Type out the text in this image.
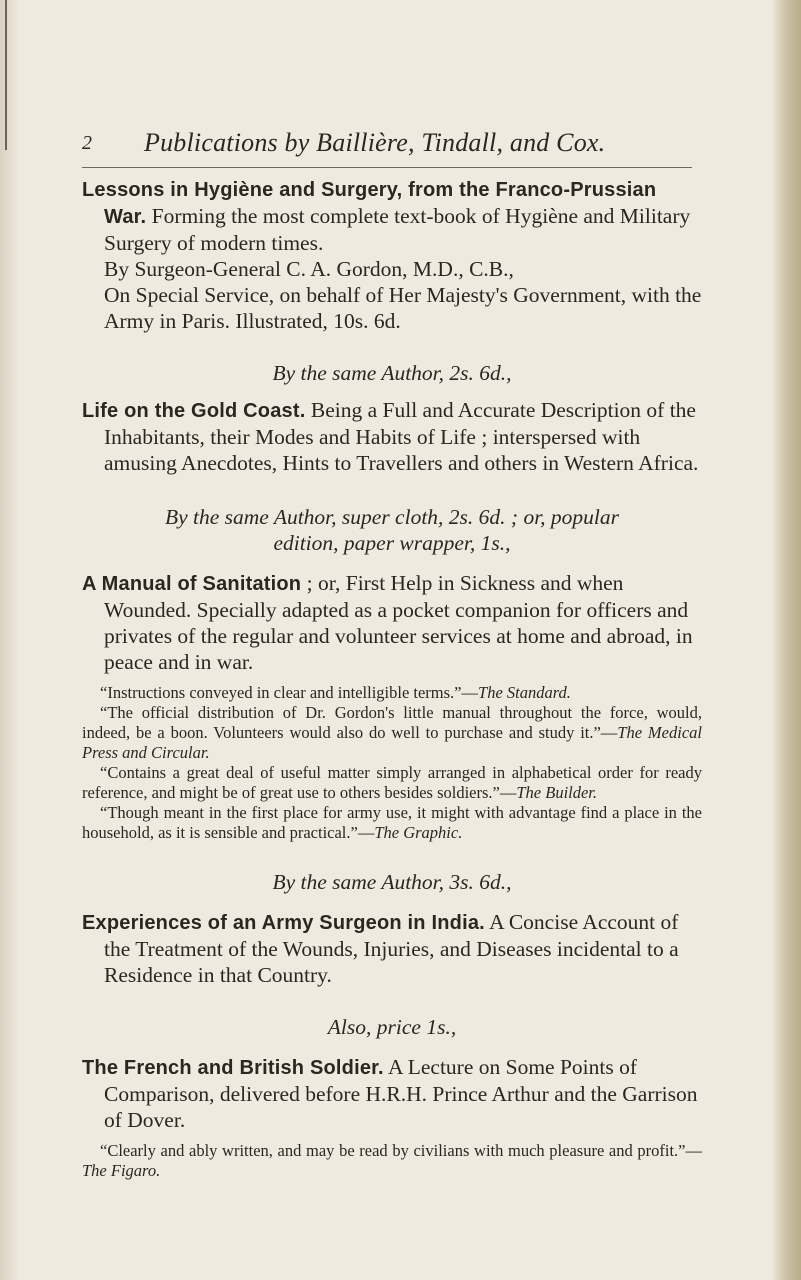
2 Publications by Baillière, Tindall, and Cox.

Lessons in Hygiène and Surgery, from the Franco-Prussian War. Forming the most complete text-book of Hygiène and Military Surgery of modern times.

By Surgeon-General C. A. Gordon, M.D., C.B.,

On Special Service, on behalf of Her Majesty's Government, with the Army in Paris. Illustrated, 10s. 6d.

By the same Author, 2s. 6d.,

Life on the Gold Coast. Being a Full and Accurate Description of the Inhabitants, their Modes and Habits of Life ; interspersed with amusing Anecdotes, Hints to Travellers and others in Western Africa.

By the same Author, super cloth, 2s. 6d. ; or, popular

edition, paper wrapper, 1s.,

A Manual of Sanitation ; or, First Help in Sickness and when Wounded. Specially adapted as a pocket companion for officers and privates of the regular and volunteer services at home and abroad, in peace and in war.

“Instructions conveyed in clear and intelligible terms.”—The Standard.

“The official distribution of Dr. Gordon's little manual throughout the force, would, indeed, be a boon. Volunteers would also do well to purchase and study it.”—The Medical Press and Circular.

“Contains a great deal of useful matter simply arranged in alphabetical order for ready reference, and might be of great use to others besides soldiers.”—The Builder.

“Though meant in the first place for army use, it might with advantage find a place in the household, as it is sensible and practical.”—The Graphic.

By the same Author, 3s. 6d.,

Experiences of an Army Surgeon in India. A Concise Account of the Treatment of the Wounds, Injuries, and Diseases incidental to a Residence in that Country.

Also, price 1s.,

The French and British Soldier. A Lecture on Some Points of Comparison, delivered before H.R.H. Prince Arthur and the Garrison of Dover.

“Clearly and ably written, and may be read by civilians with much pleasure and profit.”—The Figaro.
